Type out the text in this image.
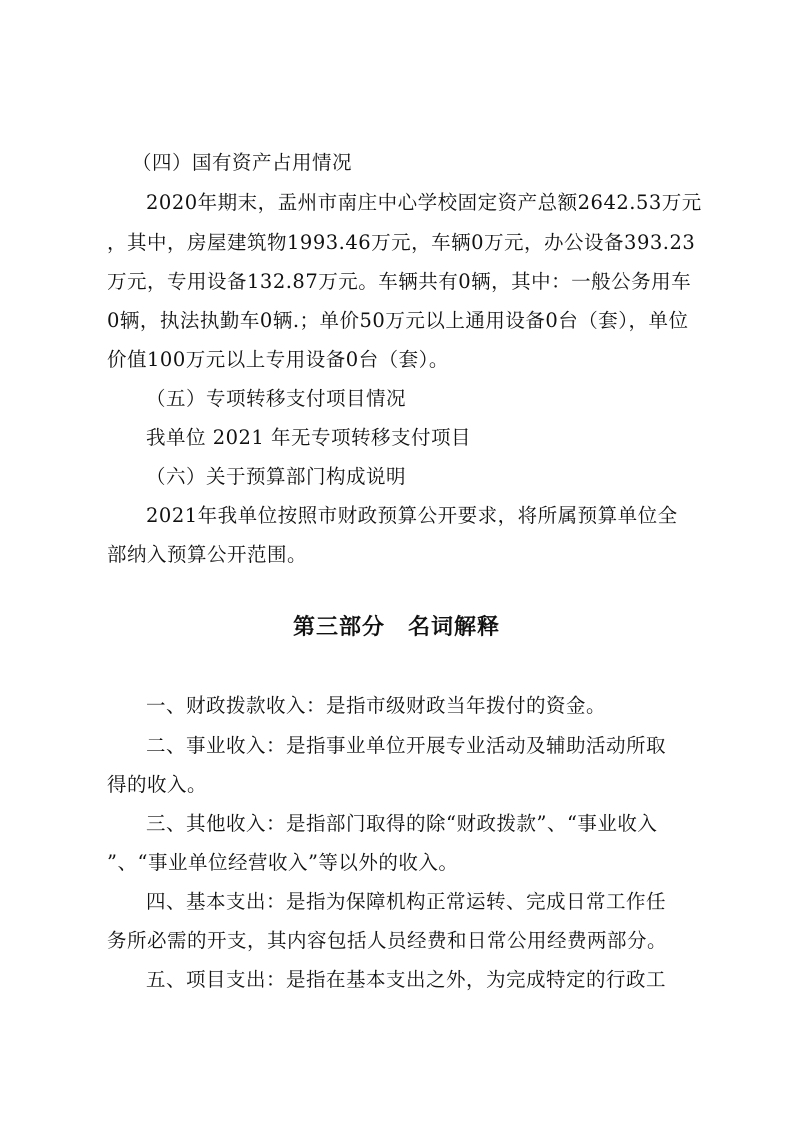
（四）国有资产占用情况
2020年期末，盂州市南庄中心学校固定资产总额2642.53万元
，其中，房屋建筑物1993.46万元，车辆0万元，办公设备393.23
万元，专用设备132.87万元。车辆共有0辆，其中：一般公务用车
0辆，执法执勤车0辆.；单价50万元以上通用设备0台（套），单位
价值100万元以上专用设备0台（套）。
（五）专项转移支付项目情况
我单位 2021 年无专项转移支付项目
（六）关于预算部门构成说明
2021年我单位按照市财政预算公开要求，将所属预算单位全
部纳入预算公开范围。
第三部分　名词解释
一、财政拨款收入：是指市级财政当年拨付的资金。
二、事业收入：是指事业单位开展专业活动及辅助活动所取
得的收入。
三、其他收入：是指部门取得的除“财政拨款”、“事业收入
”、“事业单位经营收入”等以外的收入。
四、基本支出：是指为保障机构正常运转、完成日常工作任
务所必需的开支，其内容包括人员经费和日常公用经费两部分。
五、项目支出：是指在基本支出之外，为完成特定的行政工
